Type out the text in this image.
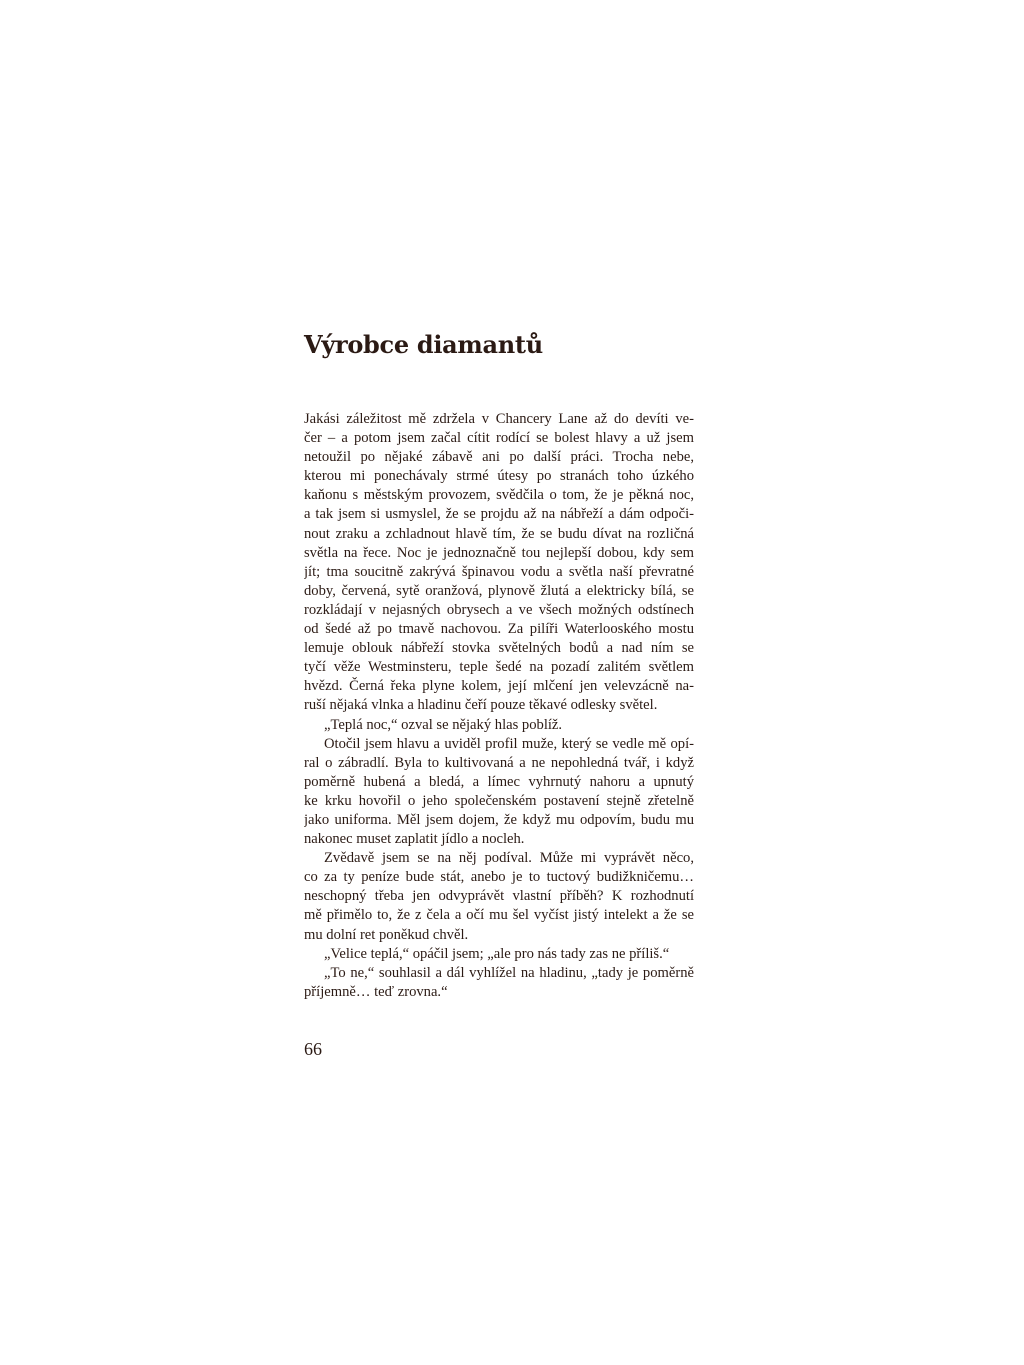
Výrobce diamantů
Jakási záležitost mě zdržela v Chancery Lane až do devíti ve-
čer – a potom jsem začal cítit rodící se bolest hlavy a už jsem
netoužil po nějaké zábavě ani po další práci. Trocha nebe,
kterou mi ponechávaly strmé útesy po stranách toho úzkého
kaňonu s městským provozem, svědčila o tom, že je pěkná noc,
a tak jsem si usmyslel, že se projdu až na nábřeží a dám odpoči-
nout zraku a zchladnout hlavě tím, že se budu dívat na rozličná
světla na řece. Noc je jednoznačně tou nejlepší dobou, kdy sem
jít; tma soucitně zakrývá špinavou vodu a světla naší převratné
doby, červená, sytě oranžová, plynově žlutá a elektricky bílá, se
rozkládají v nejasných obrysech a ve všech možných odstínech
od šedé až po tmavě nachovou. Za pilíři Waterlooského mostu
lemuje oblouk nábřeží stovka světelných bodů a nad ním se
tyčí věže Westminsteru, teple šedé na pozadí zalitém světlem
hvězd. Černá řeka plyne kolem, její mlčení jen velevzácně na-
ruší nějaká vlnka a hladinu čeří pouze těkavé odlesky světel.
„Teplá noc,“ ozval se nějaký hlas poblíž.
Otočil jsem hlavu a uviděl profil muže, který se vedle mě opí-
ral o zábradlí. Byla to kultivovaná a ne nepohledná tvář, i když
poměrně hubená a bledá, a límec vyhrnutý nahoru a upnutý
ke krku hovořil o jeho společenském postavení stejně zřetelně
jako uniforma. Měl jsem dojem, že když mu odpovím, budu mu
nakonec muset zaplatit jídlo a nocleh.
Zvědavě jsem se na něj podíval. Může mi vyprávět něco,
co za ty peníze bude stát, anebo je to tuctový budižkničemu…
neschopný třeba jen odvyprávět vlastní příběh? K rozhodnutí
mě přimělo to, že z čela a očí mu šel vyčíst jistý intelekt a že se
mu dolní ret poněkud chvěl.
„Velice teplá,“ opáčil jsem; „ale pro nás tady zas ne příliš.“
„To ne,“ souhlasil a dál vyhlížel na hladinu, „tady je poměrně
příjemně… teď zrovna.“
66
